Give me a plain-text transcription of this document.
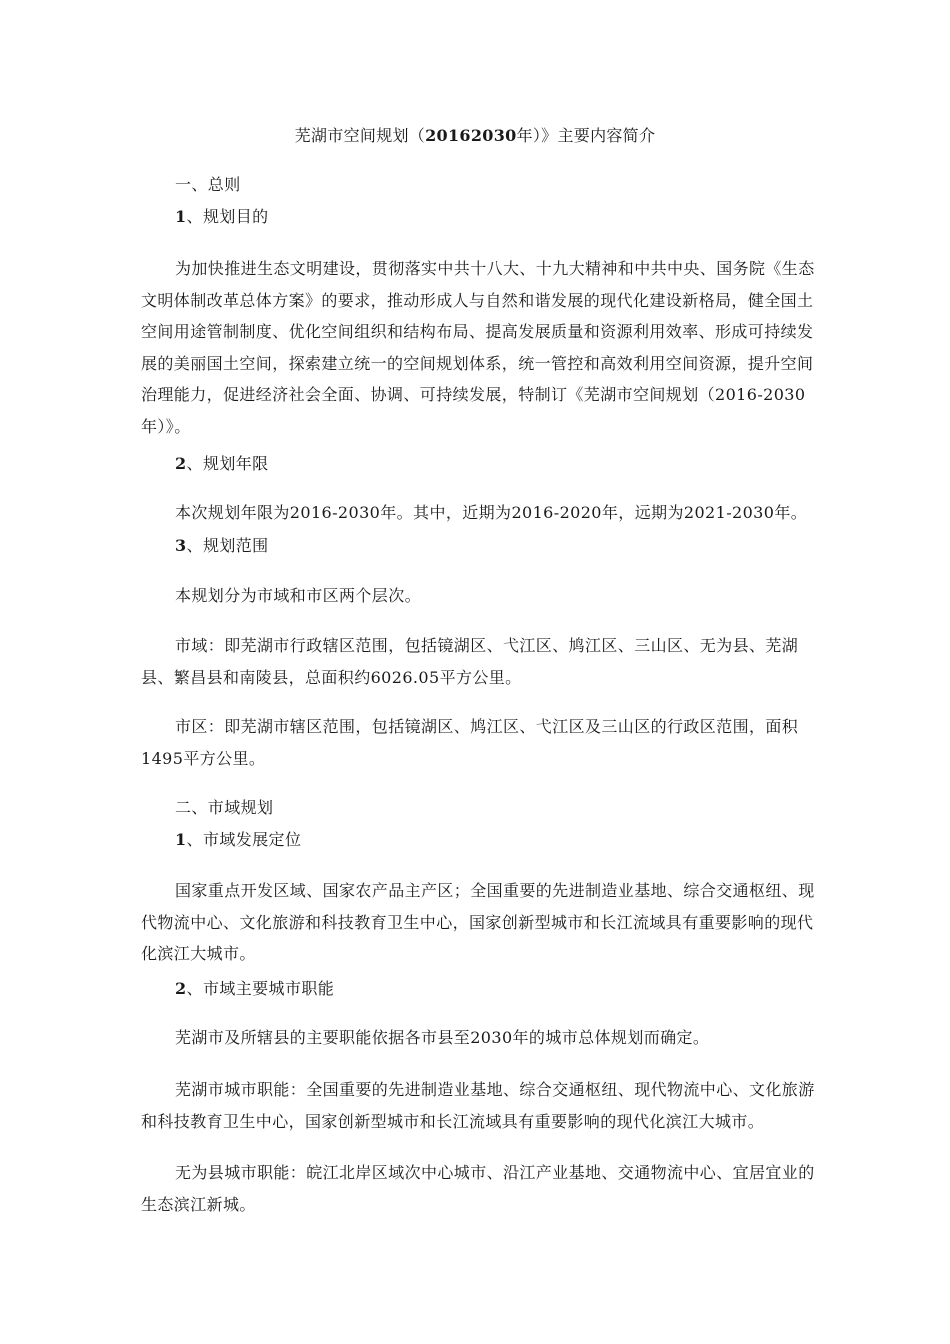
芜湖市空间规划（20162030年）》主要内容简介
一、总则
1、规划目的
为加快推进生态文明建设，贯彻落实中共十八大、十九大精神和中共中央、国务院《生态文明体制改革总体方案》的要求，推动形成人与自然和谐发展的现代化建设新格局，健全国土空间用途管制制度、优化空间组织和结构布局、提高发展质量和资源利用效率、形成可持续发展的美丽国土空间，探索建立统一的空间规划体系，统一管控和高效利用空间资源，提升空间治理能力，促进经济社会全面、协调、可持续发展，特制订《芜湖市空间规划（2016-2030年）》。
2、规划年限
本次规划年限为2016-2030年。其中，近期为2016-2020年，远期为2021-2030年。
3、规划范围
本规划分为市域和市区两个层次。
市域：即芜湖市行政辖区范围，包括镜湖区、弋江区、鸠江区、三山区、无为县、芜湖县、繁昌县和南陵县，总面积约6026.05平方公里。
市区：即芜湖市辖区范围，包括镜湖区、鸠江区、弋江区及三山区的行政区范围，面积1495平方公里。
二、市域规划
1、市域发展定位
国家重点开发区域、国家农产品主产区；全国重要的先进制造业基地、综合交通枢纽、现代物流中心、文化旅游和科技教育卫生中心，国家创新型城市和长江流域具有重要影响的现代化滨江大城市。
2、市域主要城市职能
芜湖市及所辖县的主要职能依据各市县至2030年的城市总体规划而确定。
芜湖市城市职能：全国重要的先进制造业基地、综合交通枢纽、现代物流中心、文化旅游和科技教育卫生中心，国家创新型城市和长江流域具有重要影响的现代化滨江大城市。
无为县城市职能：皖江北岸区域次中心城市、沿江产业基地、交通物流中心、宜居宜业的生态滨江新城。
